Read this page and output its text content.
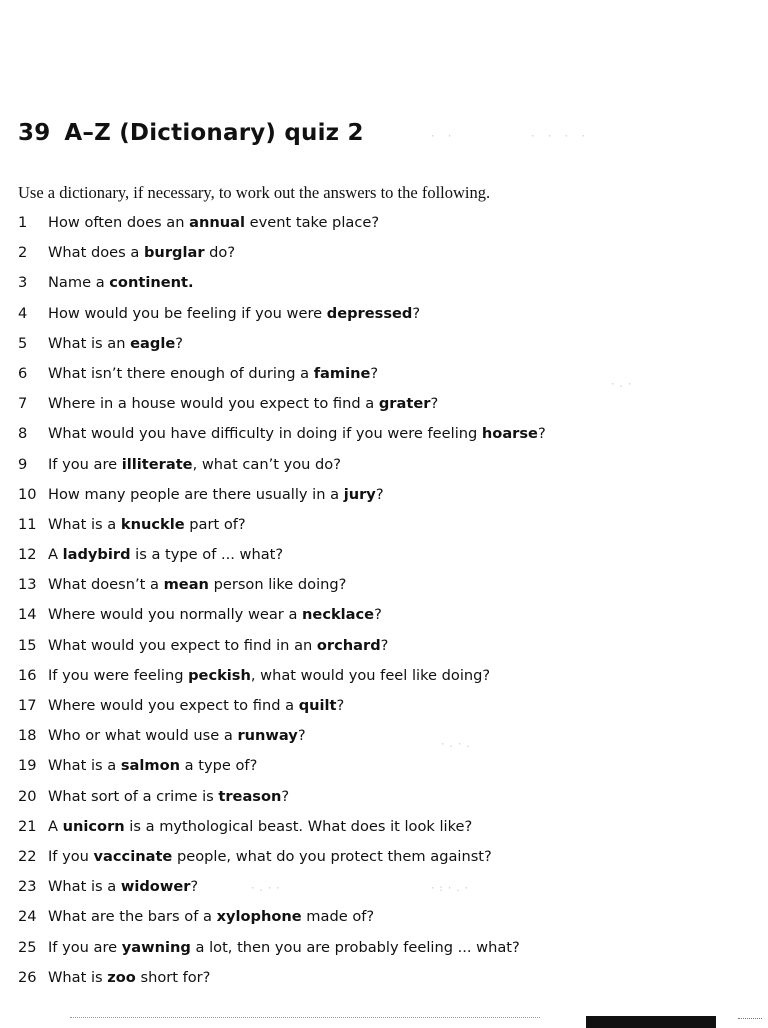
39 A–Z (Dictionary) quiz 2
Use a dictionary, if necessary, to work out the answers to the following.
1	How often does an annual event take place?
2	What does a burglar do?
3	Name a continent.
4	How would you be feeling if you were depressed?
5	What is an eagle?
6	What isn’t there enough of during a famine?
7	Where in a house would you expect to find a grater?
8	What would you have difficulty in doing if you were feeling hoarse?
9	If you are illiterate, what can’t you do?
10 How many people are there usually in a jury?
11 What is a knuckle part of?
12 A ladybird is a type of ... what?
13 What doesn’t a mean person like doing?
14 Where would you normally wear a necklace?
15 What would you expect to find in an orchard?
16 If you were feeling peckish, what would you feel like doing?
17 Where would you expect to find a quilt?
18 Who or what would use a runway?
19 What is a salmon a type of?
20 What sort of a crime is treason?
21 A unicorn is a mythological beast. What does it look like?
22 If you vaccinate people, what do you protect them against?
23 What is a widower?
24 What are the bars of a xylophone made of?
25 If you are yawning a lot, then you are probably feeling ... what?
26 What is zoo short for?
· ·	· · · ·
·.·
·.·.
·.··	·:·.·
